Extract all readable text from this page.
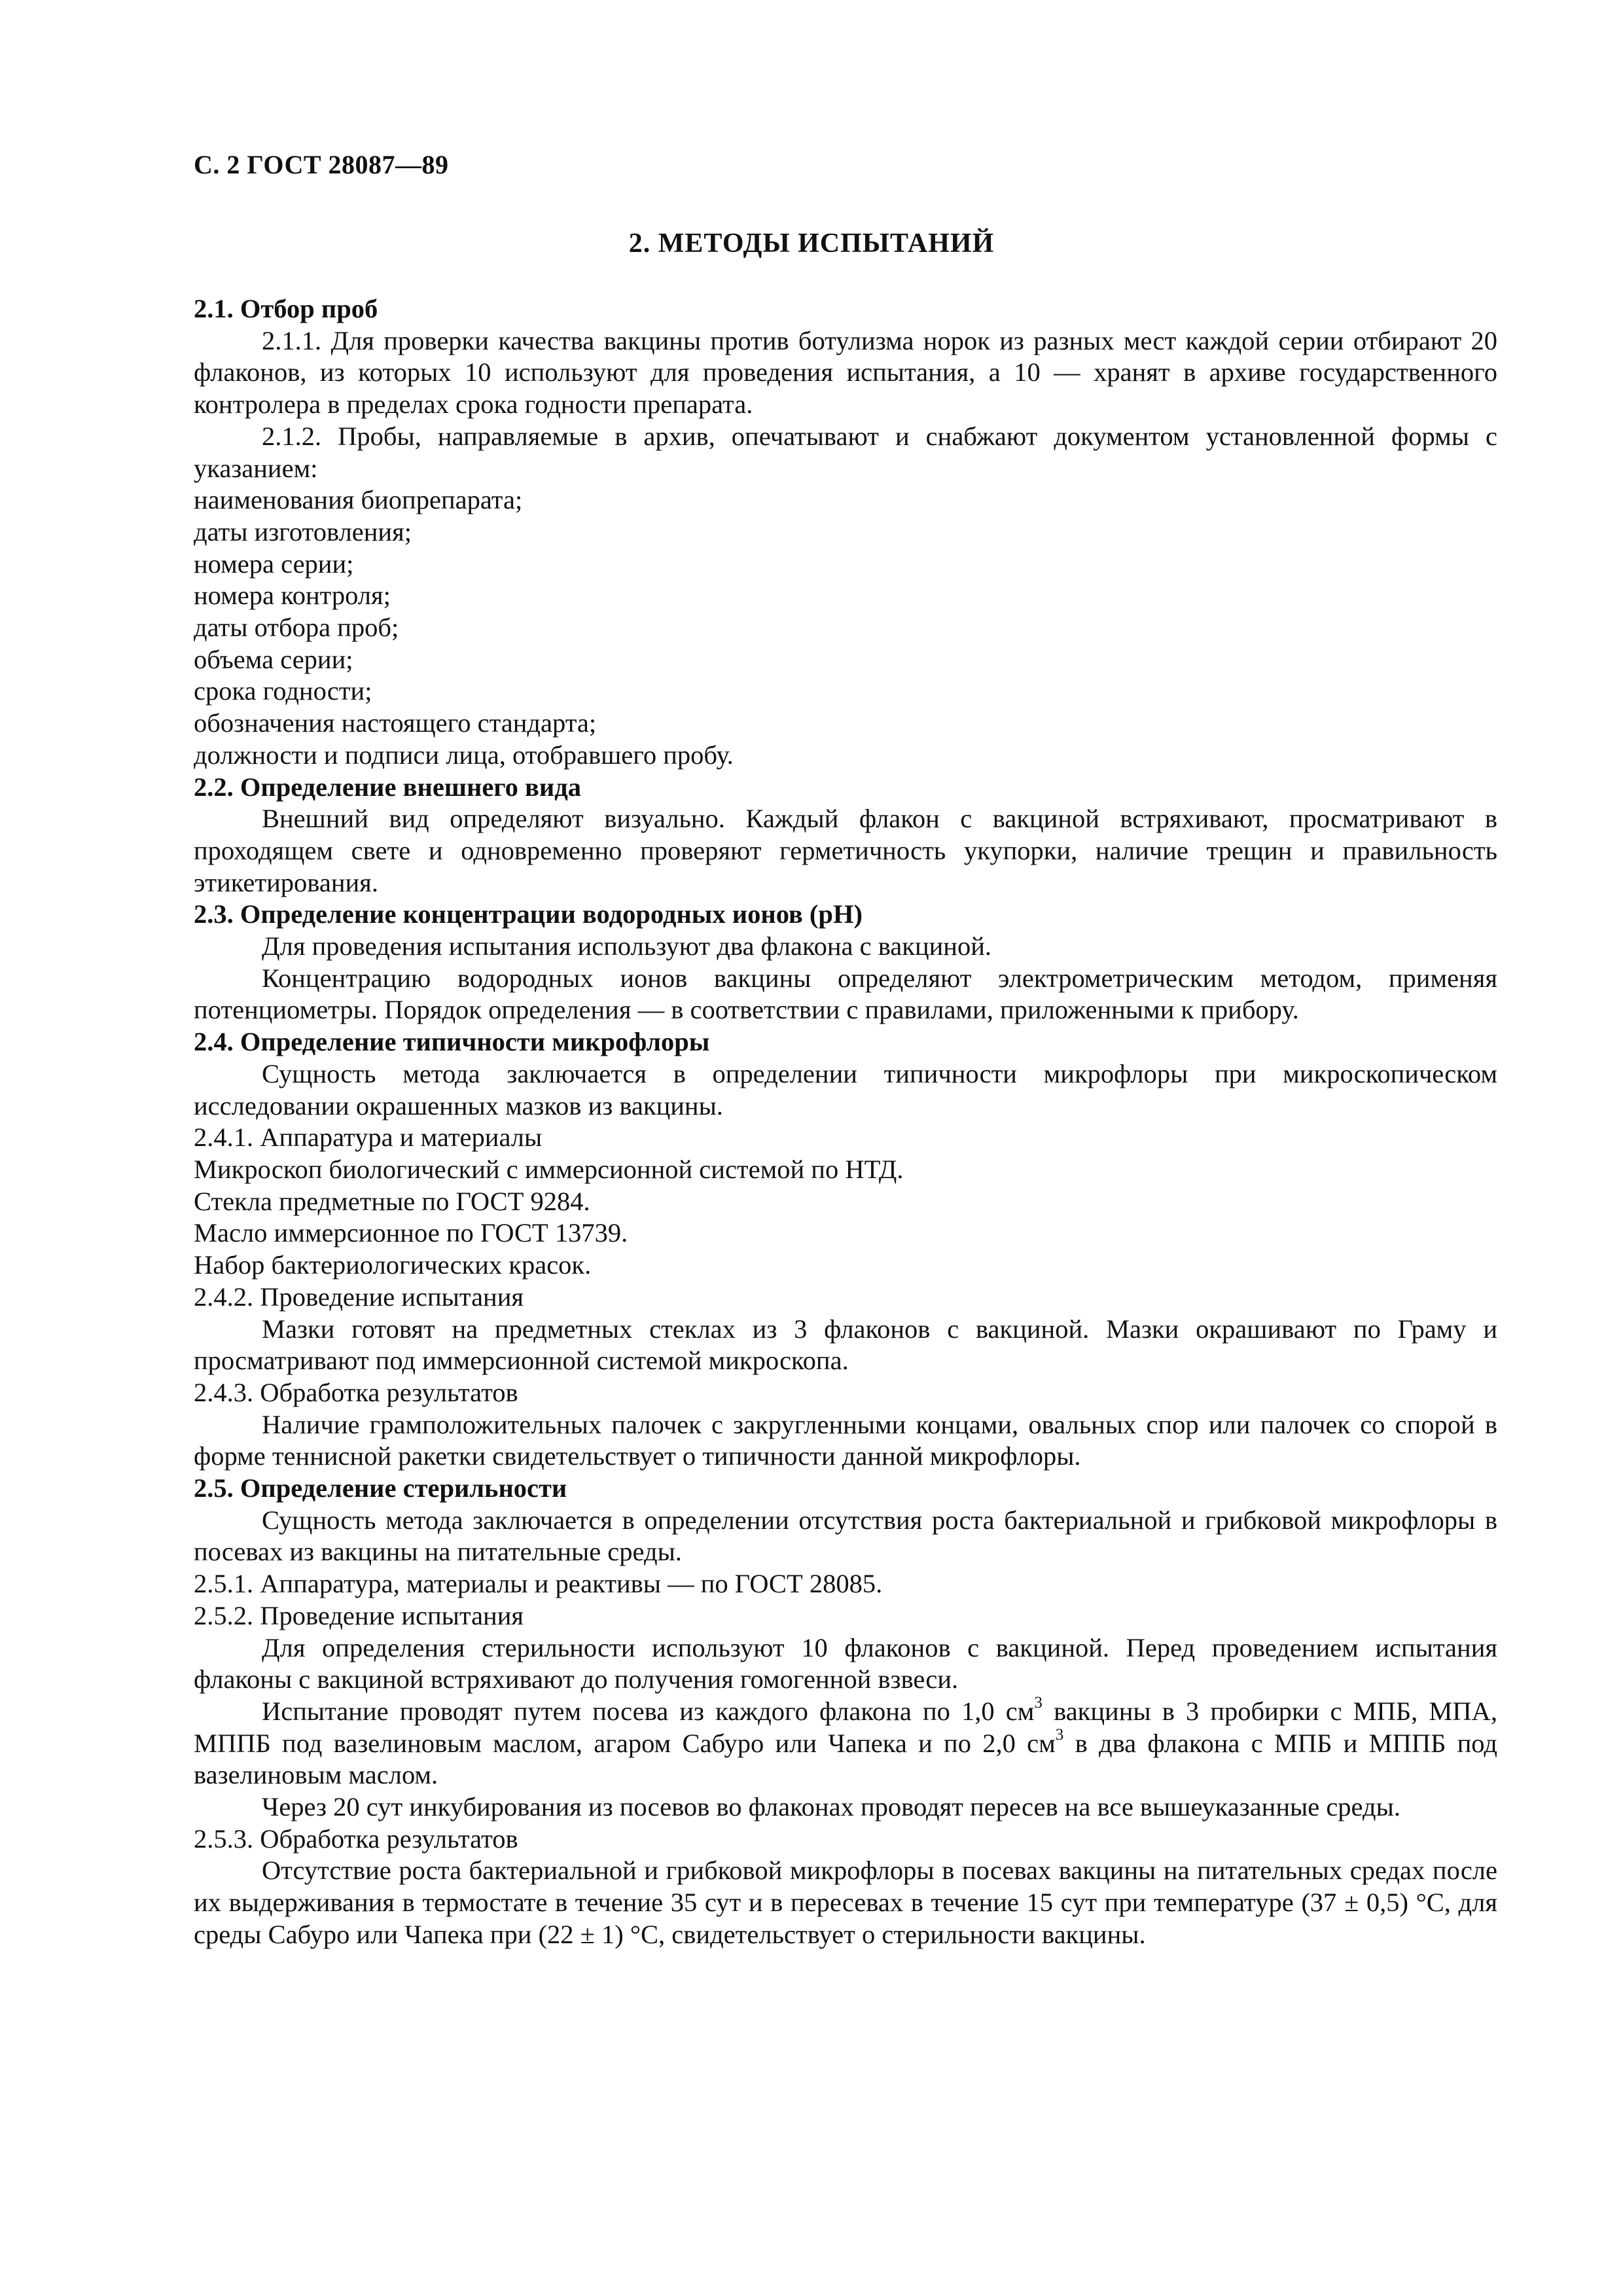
С. 2 ГОСТ 28087—89
2. МЕТОДЫ ИСПЫТАНИЙ

2.1. Отбор проб

2.1.1. Для проверки качества вакцины против ботулизма норок из разных мест каждой серии отбирают 20 флаконов, из которых 10 используют для проведения испытания, а 10 — хранят в архиве государственного контролера в пределах срока годности препарата.

2.1.2. Пробы, направляемые в архив, опечатывают и снабжают документом установленной формы с указанием:

наименования биопрепарата;

даты изготовления;

номера серии;

номера контроля;

даты отбора проб;

объема серии;

срока годности;

обозначения настоящего стандарта;

должности и подписи лица, отобравшего пробу.

2.2. Определение внешнего вида

Внешний вид определяют визуально. Каждый флакон с вакциной встряхивают, просматривают в проходящем свете и одновременно проверяют герметичность укупорки, наличие трещин и правильность этикетирования.

2.3. Определение концентрации водородных ионов (pH)

Для проведения испытания используют два флакона с вакциной.

Концентрацию водородных ионов вакцины определяют электрометрическим методом, применяя потенциометры. Порядок определения — в соответствии с правилами, приложенными к прибору.

2.4. Определение типичности микрофлоры

Сущность метода заключается в определении типичности микрофлоры при микроскопическом исследовании окрашенных мазков из вакцины.

2.4.1. Аппаратура и материалы

Микроскоп биологический с иммерсионной системой по НТД.

Стекла предметные по ГОСТ 9284.

Масло иммерсионное по ГОСТ 13739.

Набор бактериологических красок.

2.4.2. Проведение испытания

Мазки готовят на предметных стеклах из 3 флаконов с вакциной. Мазки окрашивают по Граму и просматривают под иммерсионной системой микроскопа.

2.4.3. Обработка результатов

Наличие грамположительных палочек с закругленными концами, овальных спор или палочек со спорой в форме теннисной ракетки свидетельствует о типичности данной микрофлоры.

2.5. Определение стерильности

Сущность метода заключается в определении отсутствия роста бактериальной и грибковой микрофлоры в посевах из вакцины на питательные среды.

2.5.1. Аппаратура, материалы и реактивы — по ГОСТ 28085.

2.5.2. Проведение испытания

Для определения стерильности используют 10 флаконов с вакциной. Перед проведением испытания флаконы с вакциной встряхивают до получения гомогенной взвеси.

Испытание проводят путем посева из каждого флакона по 1,0 $см^3$ вакцины в 3 пробирки с МПБ, МПА, МППБ под вазелиновым маслом, агаром Сабуро или Чапека и по 2,0 $см^3$ в два флакона с МПБ и МППБ под вазелиновым маслом.

Через 20 сут инкубирования из посевов во флаконах проводят пересев на все вышеуказанные среды.

2.5.3. Обработка результатов

Отсутствие роста бактериальной и грибковой микрофлоры в посевах вакцины на питательных средах после их выдерживания в термостате в течение 35 сут и в пересевах в течение 15 сут при температуре (37 ± 0,5) °С, для среды Сабуро или Чапека при (22 ± 1) °С, свидетельствует о стерильности вакцины.
